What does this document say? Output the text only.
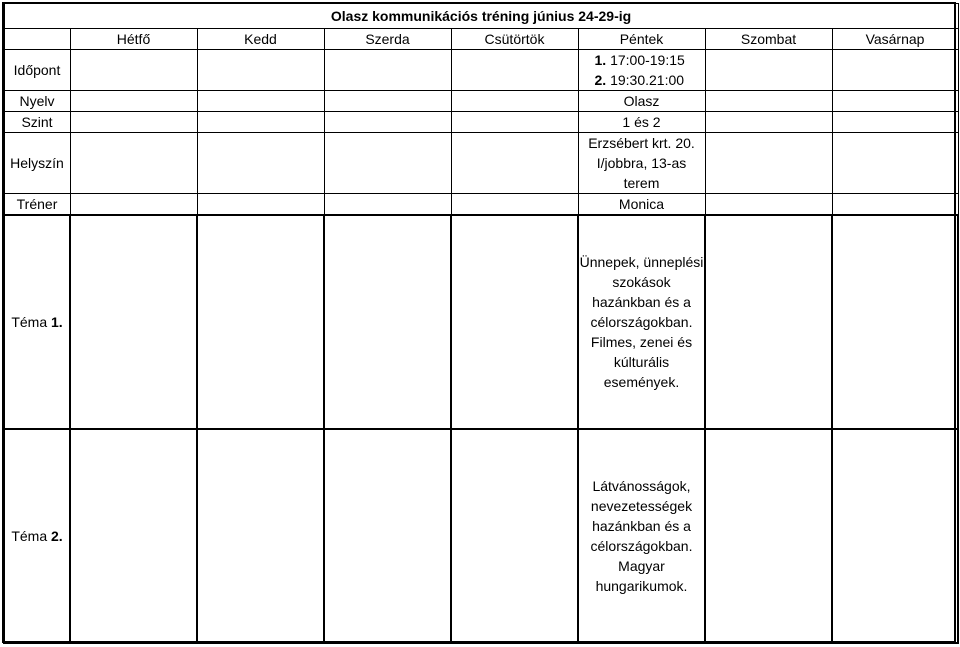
Olasz kommunikációs tréning június 24-29-ig							
	Hétfő	Kedd	Szerda	Csütörtök	Péntek	Szombat	Vasárnap
Időpont					1. 17:00-19:15
2. 19:30.21:00		

Nyelv					Olasz		
Szint					1 és 2		
Helyszín					Erzsébert krt. 20. I/jobbra, 13-as terem		
Tréner					Monica		
Téma 1.					Ünnepek, ünneplési szokások hazánkban és a célországokban. Filmes, zenei és kúlturális események.		
Téma 2.					Látvánosságok, nevezetességek hazánkban és a célországokban. Magyar hungarikumok.		
